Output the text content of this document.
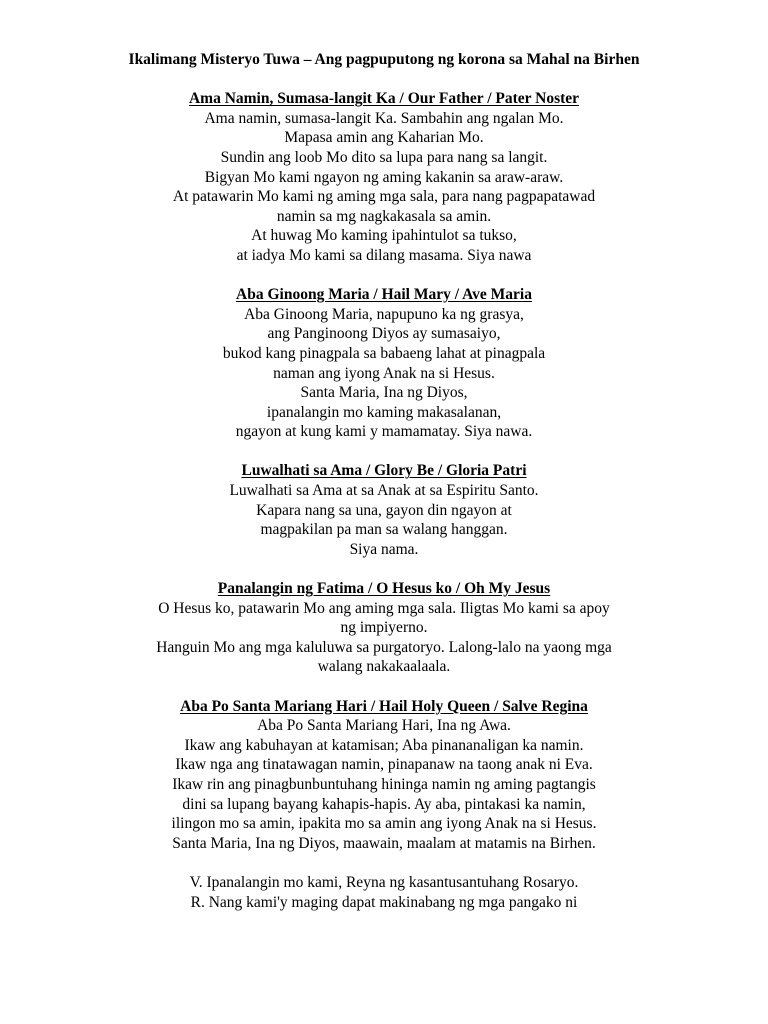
Ikalimang Misteryo Tuwa – Ang pagpuputong ng korona sa Mahal na Birhen

Ama Namin, Sumasa-langit Ka / Our Father / Pater Noster

Ama namin, sumasa-langit Ka. Sambahin ang ngalan Mo.

Mapasa amin ang Kaharian Mo.

Sundin ang loob Mo dito sa lupa para nang sa langit.

Bigyan Mo kami ngayon ng aming kakanin sa araw-araw.

At patawarin Mo kami ng aming mga sala, para nang pagpapatawad

namin sa mg nagkakasala sa amin.

At huwag Mo kaming ipahintulot sa tukso,

at iadya Mo kami sa dilang masama. Siya nawa

Aba Ginoong Maria / Hail Mary / Ave Maria

Aba Ginoong Maria, napupuno ka ng grasya,

ang Panginoong Diyos ay sumasaiyo,

bukod kang pinagpala sa babaeng lahat at pinagpala

naman ang iyong Anak na si Hesus.

Santa Maria, Ina ng Diyos,

ipanalangin mo kaming makasalanan,

ngayon at kung kami y mamamatay. Siya nawa.

Luwalhati sa Ama / Glory Be / Gloria Patri

Luwalhati sa Ama at sa Anak at sa Espiritu Santo.

Kapara nang sa una, gayon din ngayon at

magpakilan pa man sa walang hanggan.

Siya nama.

Panalangin ng Fatima / O Hesus ko / Oh My Jesus

O Hesus ko, patawarin Mo ang aming mga sala. Iligtas Mo kami sa apoy

ng impiyerno.

Hanguin Mo ang mga kaluluwa sa purgatoryo. Lalong-lalo na yaong mga

walang nakakaalaala.

Aba Po Santa Mariang Hari / Hail Holy Queen / Salve Regina

Aba Po Santa Mariang Hari, Ina ng Awa.

Ikaw ang kabuhayan at katamisan; Aba pinananaligan ka namin.

Ikaw nga ang tinatawagan namin, pinapanaw na taong anak ni Eva.

Ikaw rin ang pinagbunbuntuhang hininga namin ng aming pagtangis

dini sa lupang bayang kahapis-hapis. Ay aba, pintakasi ka namin,

ilingon mo sa amin, ipakita mo sa amin ang iyong Anak na si Hesus.

Santa Maria, Ina ng Diyos, maawain, maalam at matamis na Birhen.

V. Ipanalangin mo kami, Reyna ng kasantusantuhang Rosaryo.

R. Nang kami'y maging dapat makinabang ng mga pangako ni
